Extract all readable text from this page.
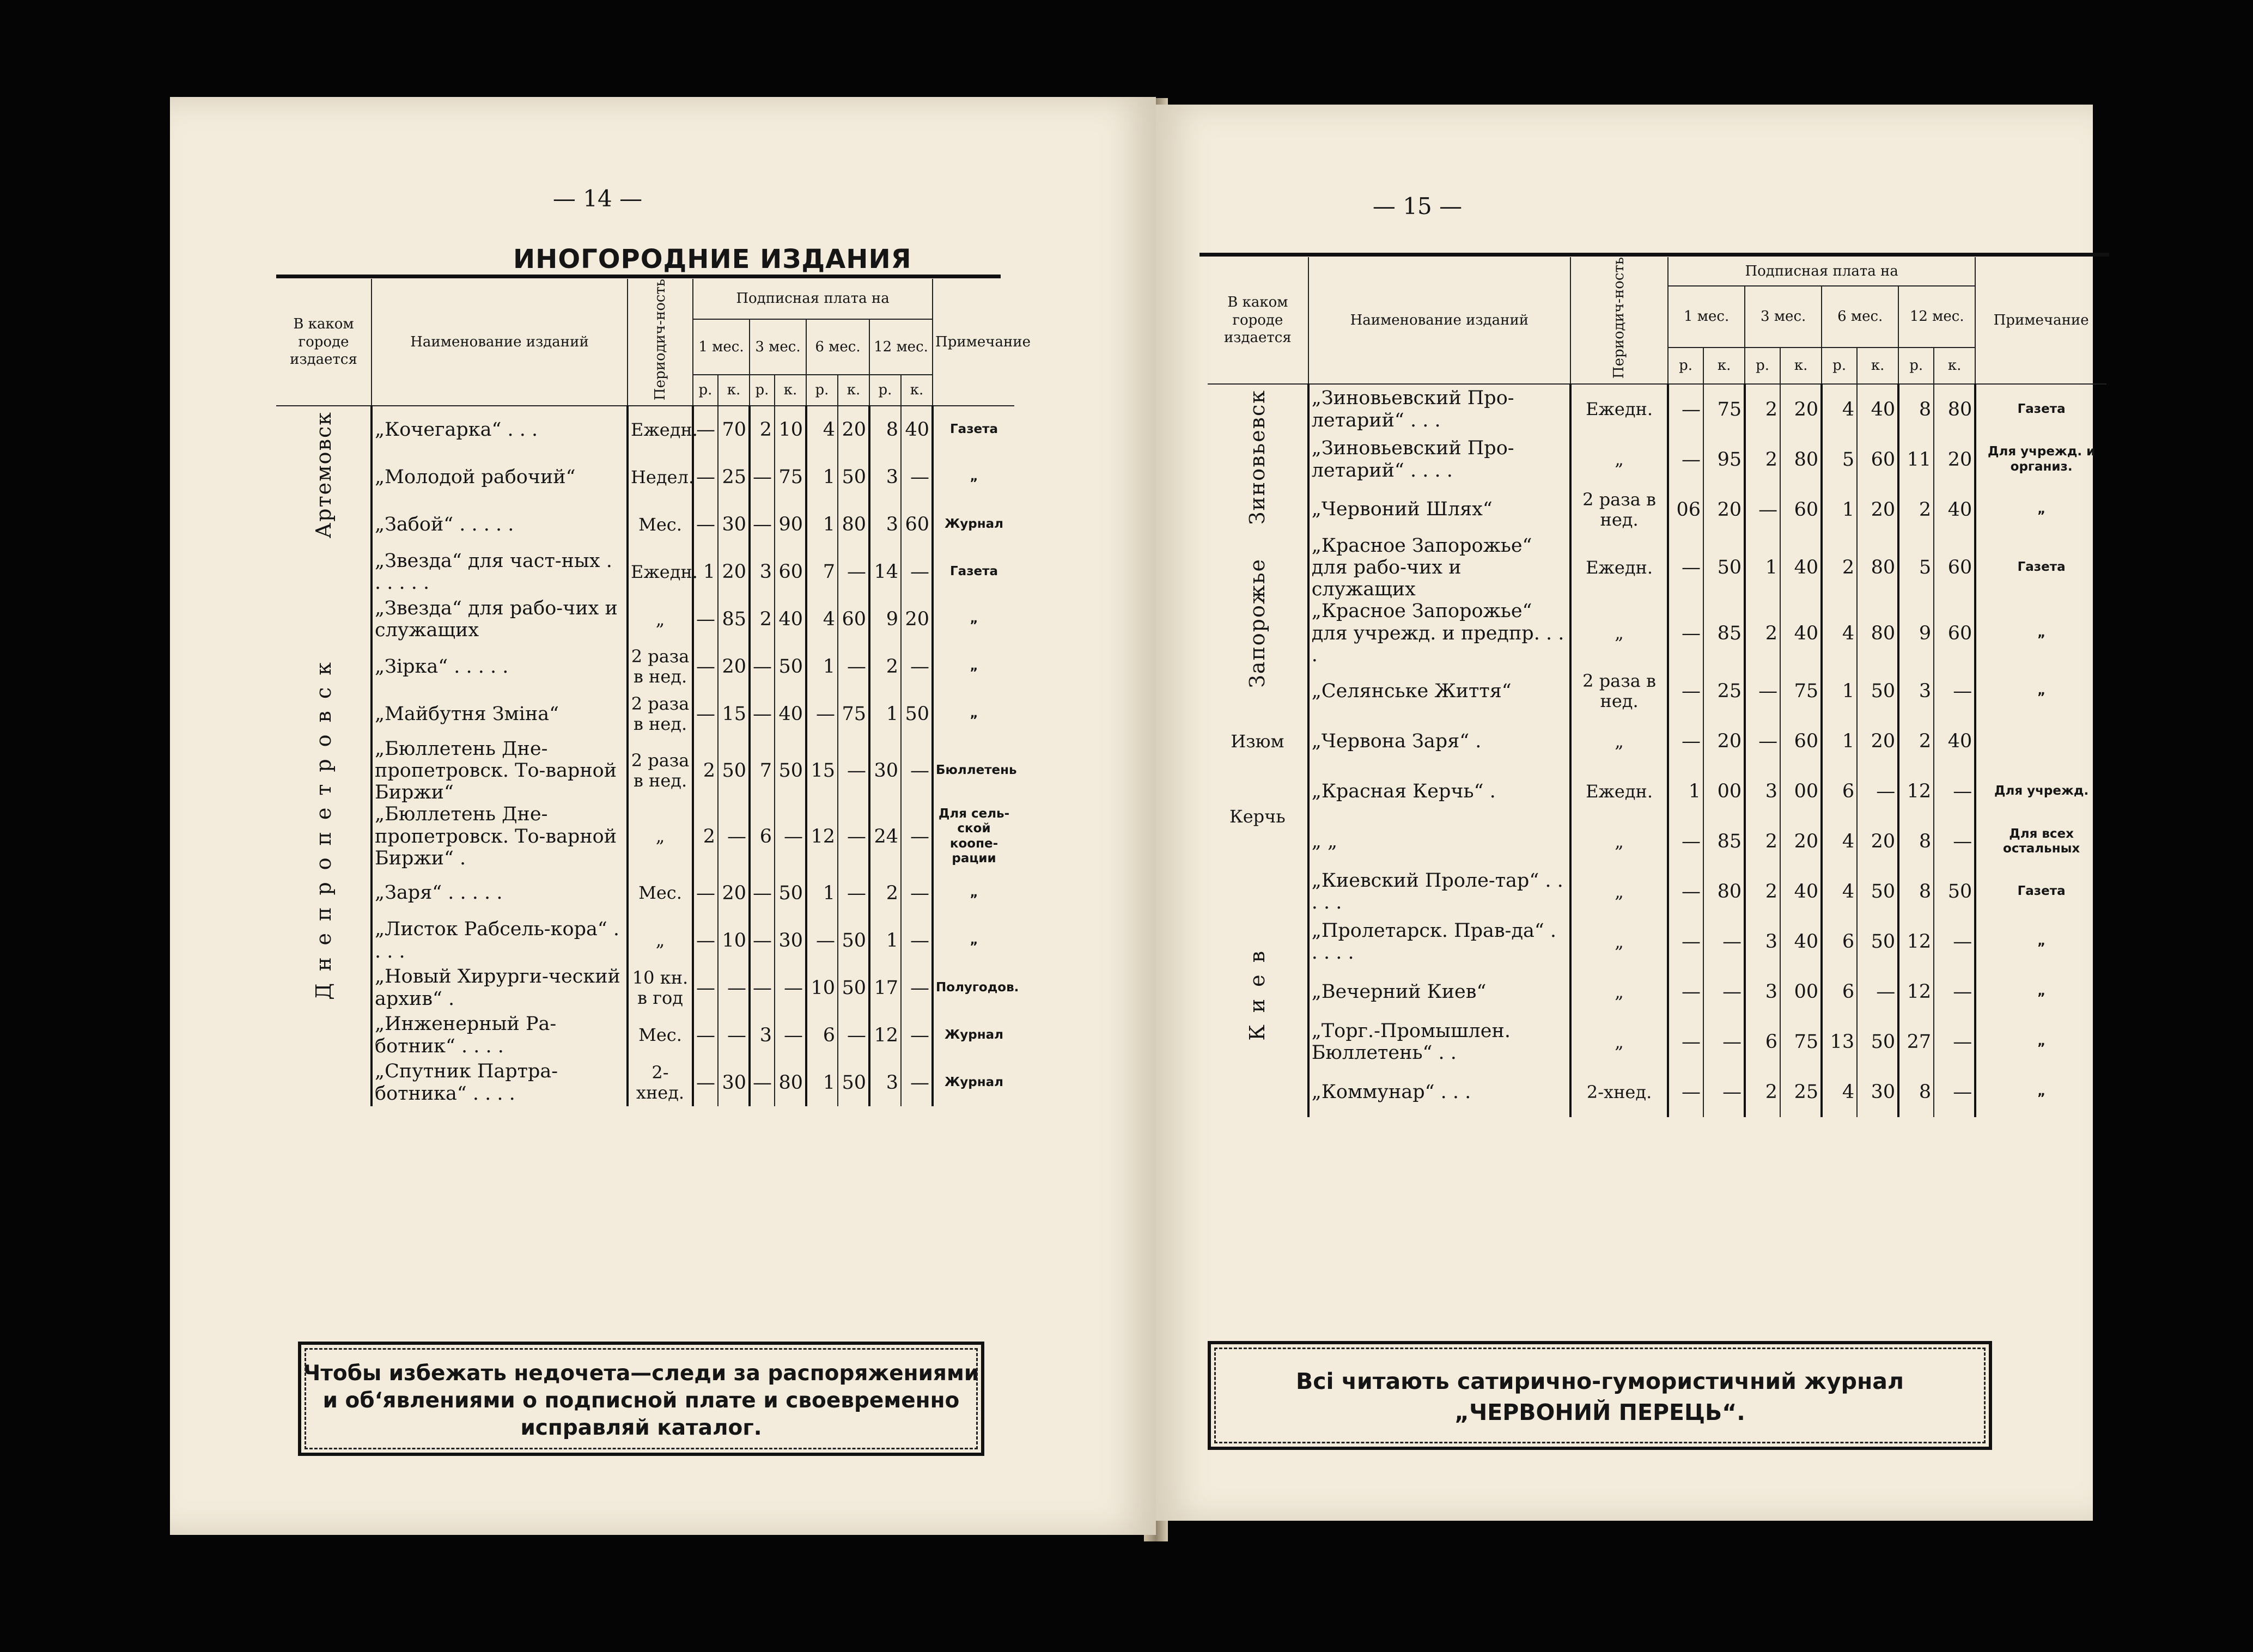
— 14 —
ИНОГОРОДНИЕ ИЗДАНИЯ
В каком городе издается	Наименование изданий	Периодич-ность	Подписная плата на								Примечание
			1 мес.		3 мес.		6 мес.		12 мес.		
			р.	к.	р.	к.	р.	к.	р.	к.	
Артемовск	„Кочегарка“ . . .	Ежедн.	—	70	2	10	4	20	8	40	Газета
	„Молодой рабочий“	Недел.	—	25	—	75	1	50	3	—	„
	„Забой“ . . . . .	Мес.	—	30	—	90	1	80	3	60	Журнал
Днепропетровск	„Звезда“ для част-ных . . . . . .	Ежедн.	1	20	3	60	7	—	14	—	Газета
	„Звезда“ для рабо-чих и служащих	„	—	85	2	40	4	60	9	20	„
	„Зірка“ . . . . .	2 раза в нед.	—	20	—	50	1	—	2	—	„
	„Майбутня Зміна“	2 раза в нед.	—	15	—	40	—	75	1	50	„
	„Бюллетень Дне-пропетровск. То-варной Биржи“	2 раза в нед.	2	50	7	50	15	—	30	—	Бюллетень
	„Бюллетень Дне-пропетровск. То-варной Биржи“ .	„	2	—	6	—	12	—	24	—	Для сель-ской коопе-рации
	„Заря“ . . . . .	Мес.	—	20	—	50	1	—	2	—	„
	„Листок Рабсель-кора“ . . . .	„	—	10	—	30	—	50	1	—	„
	„Новый Хирурги-ческий архив“ .	10 кн. в год	—	—	—	—	10	50	17	—	Полугодов.
	„Инженерный Ра-ботник“ . . . .	Мес.	—	—	3	—	6	—	12	—	Журнал
	„Спутник Партра-ботника“ . . . .	2-хнед.	—	30	—	80	1	50	3	—	Журнал
Чтобы избежать недочета—следи за распоряжениями
и об‘явлениями о подписной плате и своевременно
исправляй каталог.
— 15 —
В каком городе издается	Наименование изданий	Периодич-ность	Подписная плата на								Примечание
			1 мес.		3 мес.		6 мес.		12 мес.		
			р.	к.	р.	к.	р.	к.	р.	к.	
Зиновьевск	„Зиновьевский Про-летарий“ . . .	Ежедн.	—	75	2	20	4	40	8	80	Газета
	„Зиновьевский Про-летарий“ . . . .	„	—	95	2	80	5	60	11	20	Для учрежд. и организ.
	„Червоний Шлях“	2 раза в нед.	06	20	—	60	1	20	2	40	„
Запорожье	„Красное Запорожье“ для рабо-чих и служащих	Ежедн.	—	50	1	40	2	80	5	60	Газета
	„Красное Запорожье“ для учрежд. и предпр. . . .	„	—	85	2	40	4	80	9	60	„
	„Селянське Життя“	2 раза в нед.	—	25	—	75	1	50	3	—	„
Изюм	„Червона Заря“ .	„	—	20	—	60	1	20	2	40	
Керчь	„Красная Керчь“ .	Ежедн.	1	00	3	00	6	—	12	—	Для учрежд.
	„ „	„	—	85	2	20	4	20	8	—	Для всех остальных
Киев	„Киевский Проле-тар“ . . . . .	„	—	80	2	40	4	50	8	50	Газета
	„Пролетарск. Прав-да“ . . . . .	„	—	—	3	40	6	50	12	—	„
	„Вечерний Киев“	„	—	—	3	00	6	—	12	—	„
	„Торг.-Промышлен. Бюллетень“ . .	„	—	—	6	75	13	50	27	—	„
	„Коммунар“ . . .	2-хнед.	—	—	2	25	4	30	8	—	„
Всі читають сатирично-гумористичний журнал
„ЧЕРВОНИЙ ПЕРЕЦЬ“.
